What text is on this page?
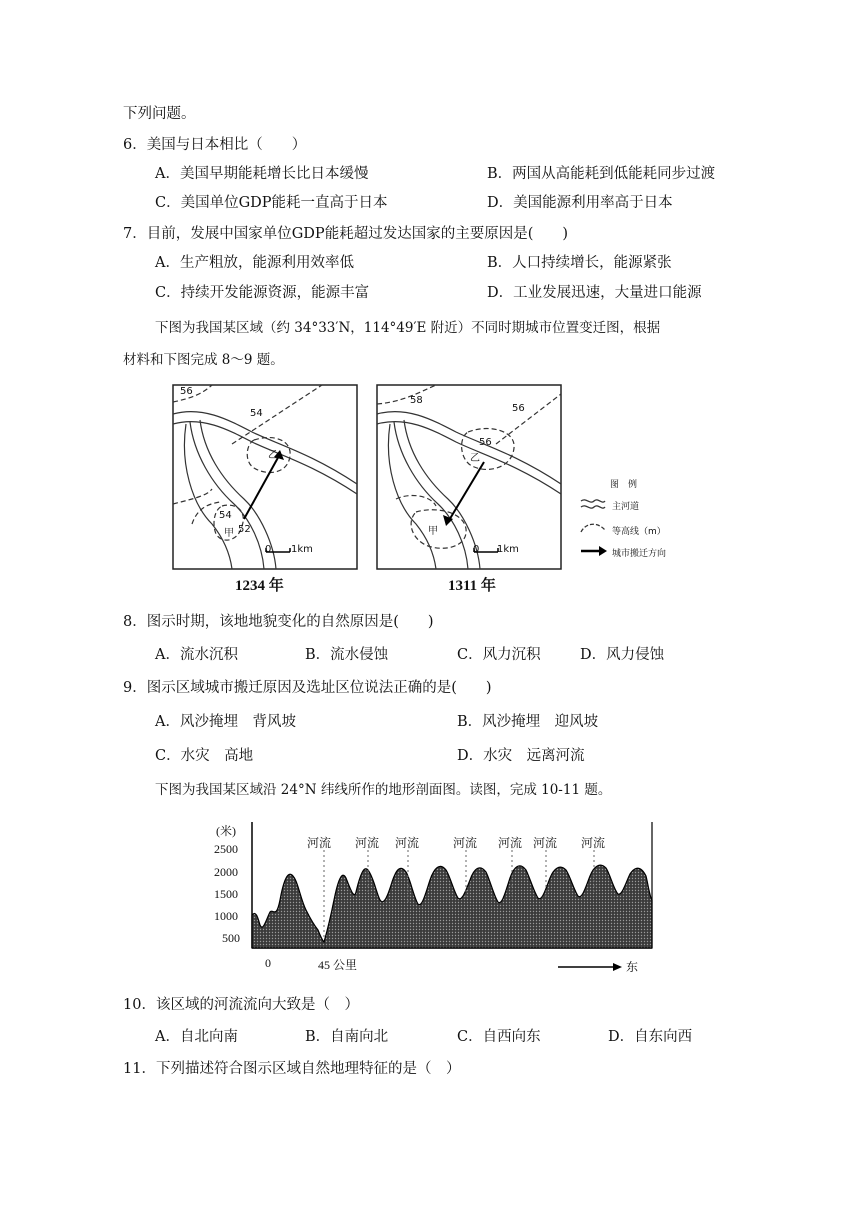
下列问题。
6．美国与日本相比（　　）
A．美国早期能耗增长比日本缓慢	B．两国从高能耗到低能耗同步过渡
C．美国单位GDP能耗一直高于日本	D．美国能源利用率高于日本
7．目前，发展中国家单位GDP能耗超过发达国家的主要原因是(　　)
A．生产粗放，能源利用效率低	B．人口持续增长，能源紧张
C．持续开发能源资源，能源丰富	D．工业发展迅速，大量进口能源
下图为我国某区域（约 34°33′N，114°49′E 附近）不同时期城市位置变迁图，根据
材料和下图完成 8～9 题。
56
54
乙
54
甲 52
0 1km
1234 年
58
56
56
乙
甲
0 1km
1311 年
图　例
主河道
等高线（m）
城市搬迁方向
8．图示时期，该地地貌变化的自然原因是(　　)
A．流水沉积	B．流水侵蚀	C．风力沉积	D．风力侵蚀
9．图示区域城市搬迁原因及选址区位说法正确的是(　　)
A．风沙掩埋　背风坡	B．风沙掩埋　迎风坡
C．水灾　高地	D．水灾　远离河流
下图为我国某区域沿 24°N 纬线所作的地形剖面图。读图，完成 10-11 题。
(米)
2500
2000
1500
1000
500
河流 河流 河流	河流 河流 河流 河流
0	45 公里	东
10．该区域的河流流向大致是（　）
A．自北向南	B．自南向北	C．自西向东	D．自东向西
11．下列描述符合图示区域自然地理特征的是（　）
